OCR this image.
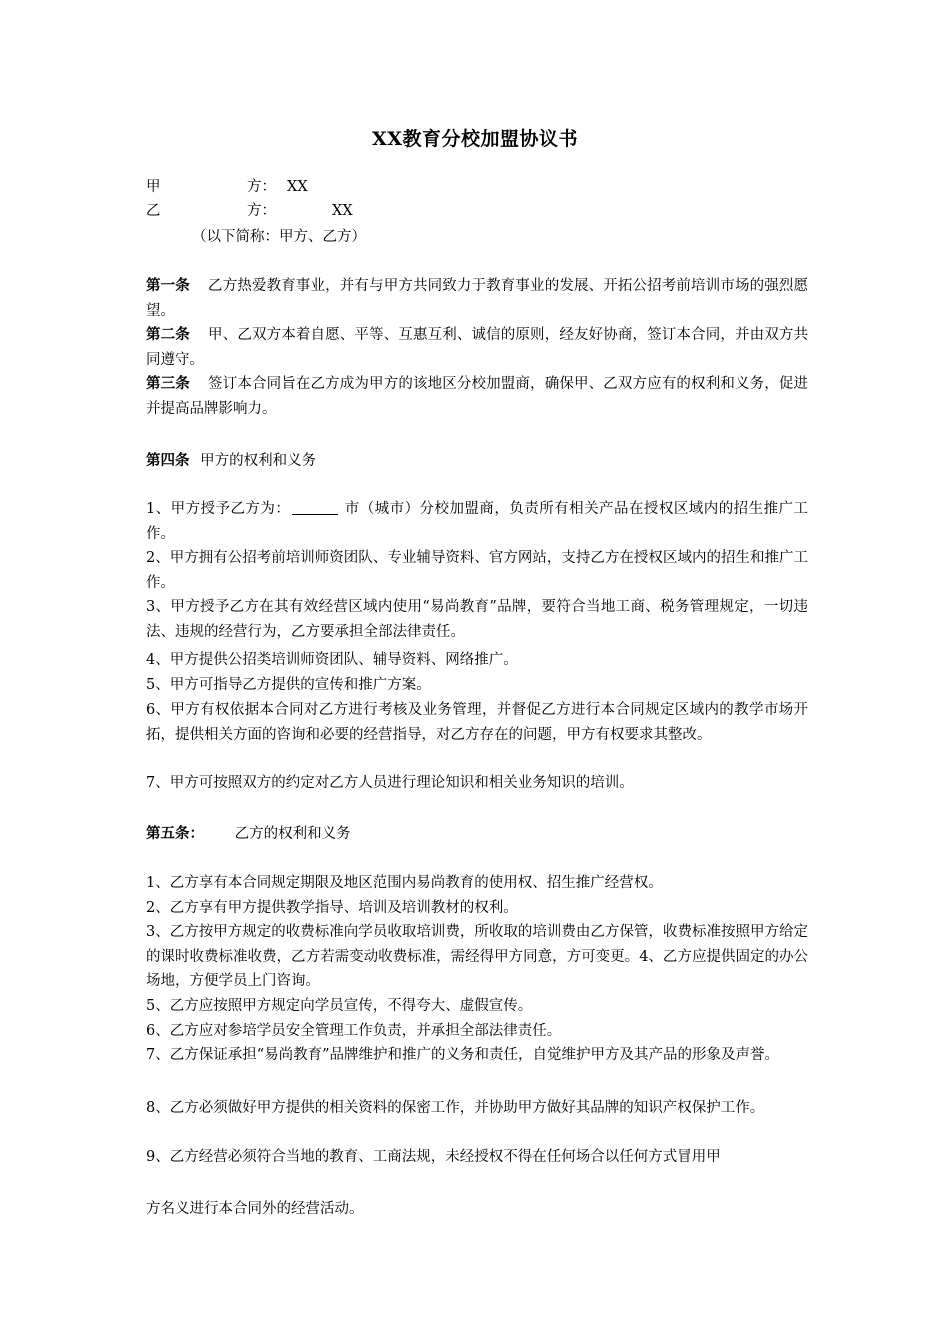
XX教育分校加盟协议书
甲	方： XX
乙	方：	XX
（以下简称：甲方、乙方）
第一条 乙方热爱教育事业，并有与甲方共同致力于教育事业的发展、开拓公招考前培训市场的强烈愿望。
第二条 甲、乙双方本着自愿、平等、互惠互利、诚信的原则，经友好协商，签订本合同，并由双方共同遵守。
第三条 签订本合同旨在乙方成为甲方的该地区分校加盟商，确保甲、乙双方应有的权利和义务，促进并提高品牌影响力。
第四条 甲方的权利和义务
1、甲方授予乙方为：	市（城市）分校加盟商，负责所有相关产品在授权区域内的招生推广工作。
2、甲方拥有公招考前培训师资团队、专业辅导资料、官方网站，支持乙方在授权区域内的招生和推广工作。
3、甲方授予乙方在其有效经营区域内使用“易尚教育”品牌，要符合当地工商、税务管理规定，一切违法、违规的经营行为，乙方要承担全部法律责任。
4、甲方提供公招类培训师资团队、辅导资料、网络推广。
5、甲方可指导乙方提供的宣传和推广方案。
6、甲方有权依据本合同对乙方进行考核及业务管理，并督促乙方进行本合同规定区域内的教学市场开拓，提供相关方面的咨询和必要的经营指导，对乙方存在的问题，甲方有权要求其整改。
7、甲方可按照双方的约定对乙方人员进行理论知识和相关业务知识的培训。
第五条： 乙方的权利和义务
1、乙方享有本合同规定期限及地区范围内易尚教育的使用权、招生推广经营权。
2、乙方享有甲方提供教学指导、培训及培训教材的权利。
3、乙方按甲方规定的收费标准向学员收取培训费，所收取的培训费由乙方保管，收费标准按照甲方给定的课时收费标准收费，乙方若需变动收费标准，需经得甲方同意，方可变更。4、乙方应提供固定的办公场地，方便学员上门咨询。
5、乙方应按照甲方规定向学员宣传，不得夸大、虚假宣传。
6、乙方应对参培学员安全管理工作负责，并承担全部法律责任。
7、乙方保证承担“易尚教育”品牌维护和推广的义务和责任，自觉维护甲方及其产品的形象及声誉。
8、乙方必须做好甲方提供的相关资料的保密工作，并协助甲方做好其品牌的知识产权保护工作。
9、乙方经营必须符合当地的教育、工商法规，未经授权不得在任何场合以任何方式冒用甲
方名义进行本合同外的经营活动。
